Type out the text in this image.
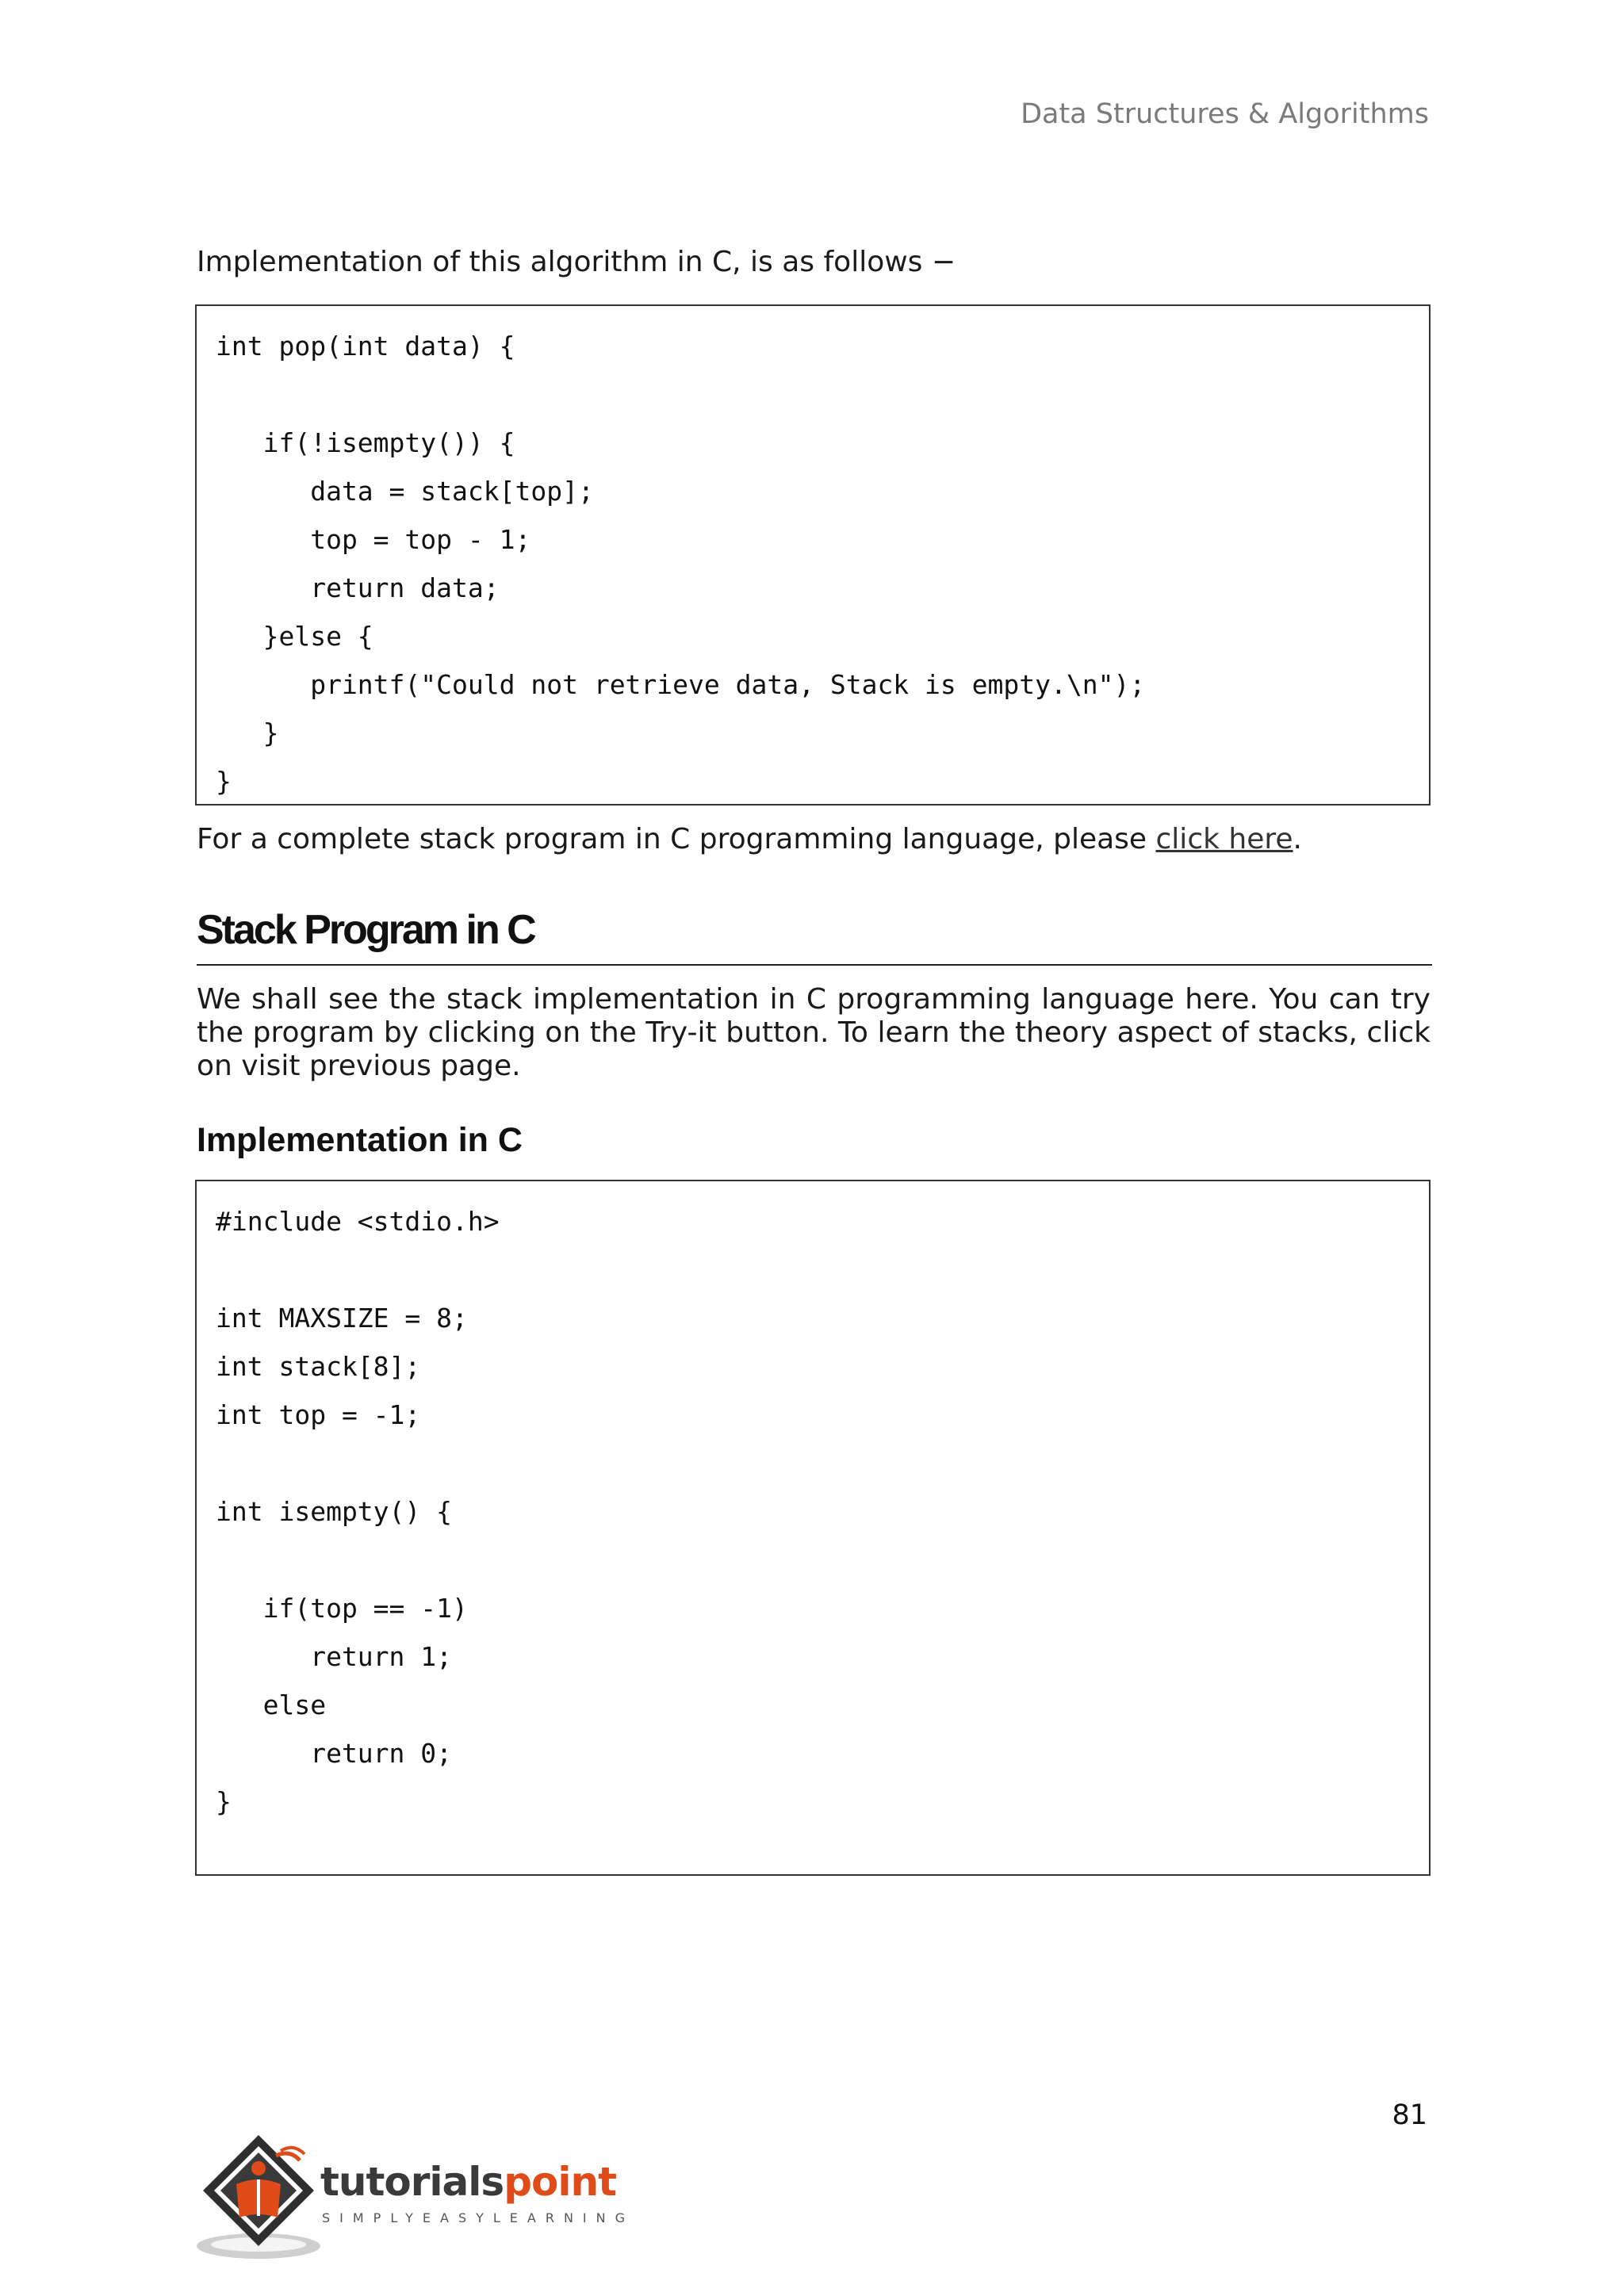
Data Structures & Algorithms

Implementation of this algorithm in C, is as follows −

int pop(int data) {
if(!isempty()) {
data = stack[top];
top = top - 1;
return data;
}else {
printf("Could not retrieve data, Stack is empty.\n");
}
}

For a complete stack program in C programming language, please click here.

Stack Program in C

We shall see the stack implementation in C programming language here. You can try the program by clicking on the Try-it button. To learn the theory aspect of stacks, click on visit previous page.

Implementation in C
#include <stdio.h>
int MAXSIZE = 8;
int stack[8];
int top = -1;
int isempty() {
if(top == -1)
return 1;
else
return 0;
}
81
tutorialspoint
SIMPLYEASYLEARNING
